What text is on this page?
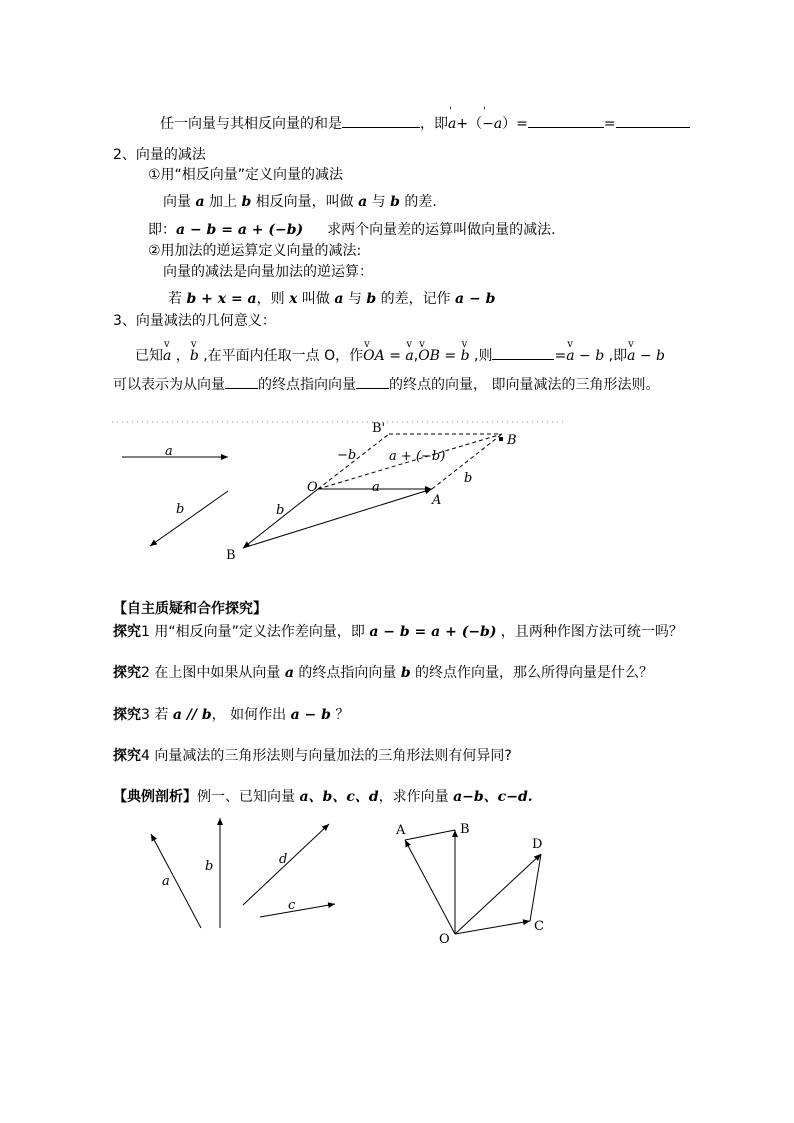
任一向量与其相反向量的和是	，即' a+（' −a）=	=
2、向量的减法
①用“相反向量”定义向量的减法
向量 a 加上 b 相反向量，叫做 a 与 b 的差.
即：a − b = a + (−b) 求两个向量差的运算叫做向量的减法.
②用加法的逆运算定义向量的减法:
向量的减法是向量加法的逆运算：
若 b + x = a，则 x 叫做 a 与 b 的差，记作 a − b
3、向量减法的几何意义：
已知v a ，v b ,在平面内任取一点 O，作v OA = v a,v OB = v b ,则	=v a − b ,即v a − b
可以表示为从向量 的终点指向向量 的终点的向量， 即向量减法的三角形法则。
a
b
B'
B
−b	a + (−b)
O	a
A
b
b
B
【自主质疑和合作探究】
探究1 用“相反向量”定义法作差向量，即 a − b = a + (−b) ，且两种作图方法可统一吗？
探究2 在上图中如果从向量 a 的终点指向向量 b 的终点作向量，那么所得向量是什么？
探究3 若 a // b， 如何作出 a − b ？
探究4 向量减法的三角形法则与向量加法的三角形法则有何异同?
【典例剖析】例一、已知向量 a、b、c、d，求作向量 a−b、c−d.
a
b	d
c
A	B
D
C
O
